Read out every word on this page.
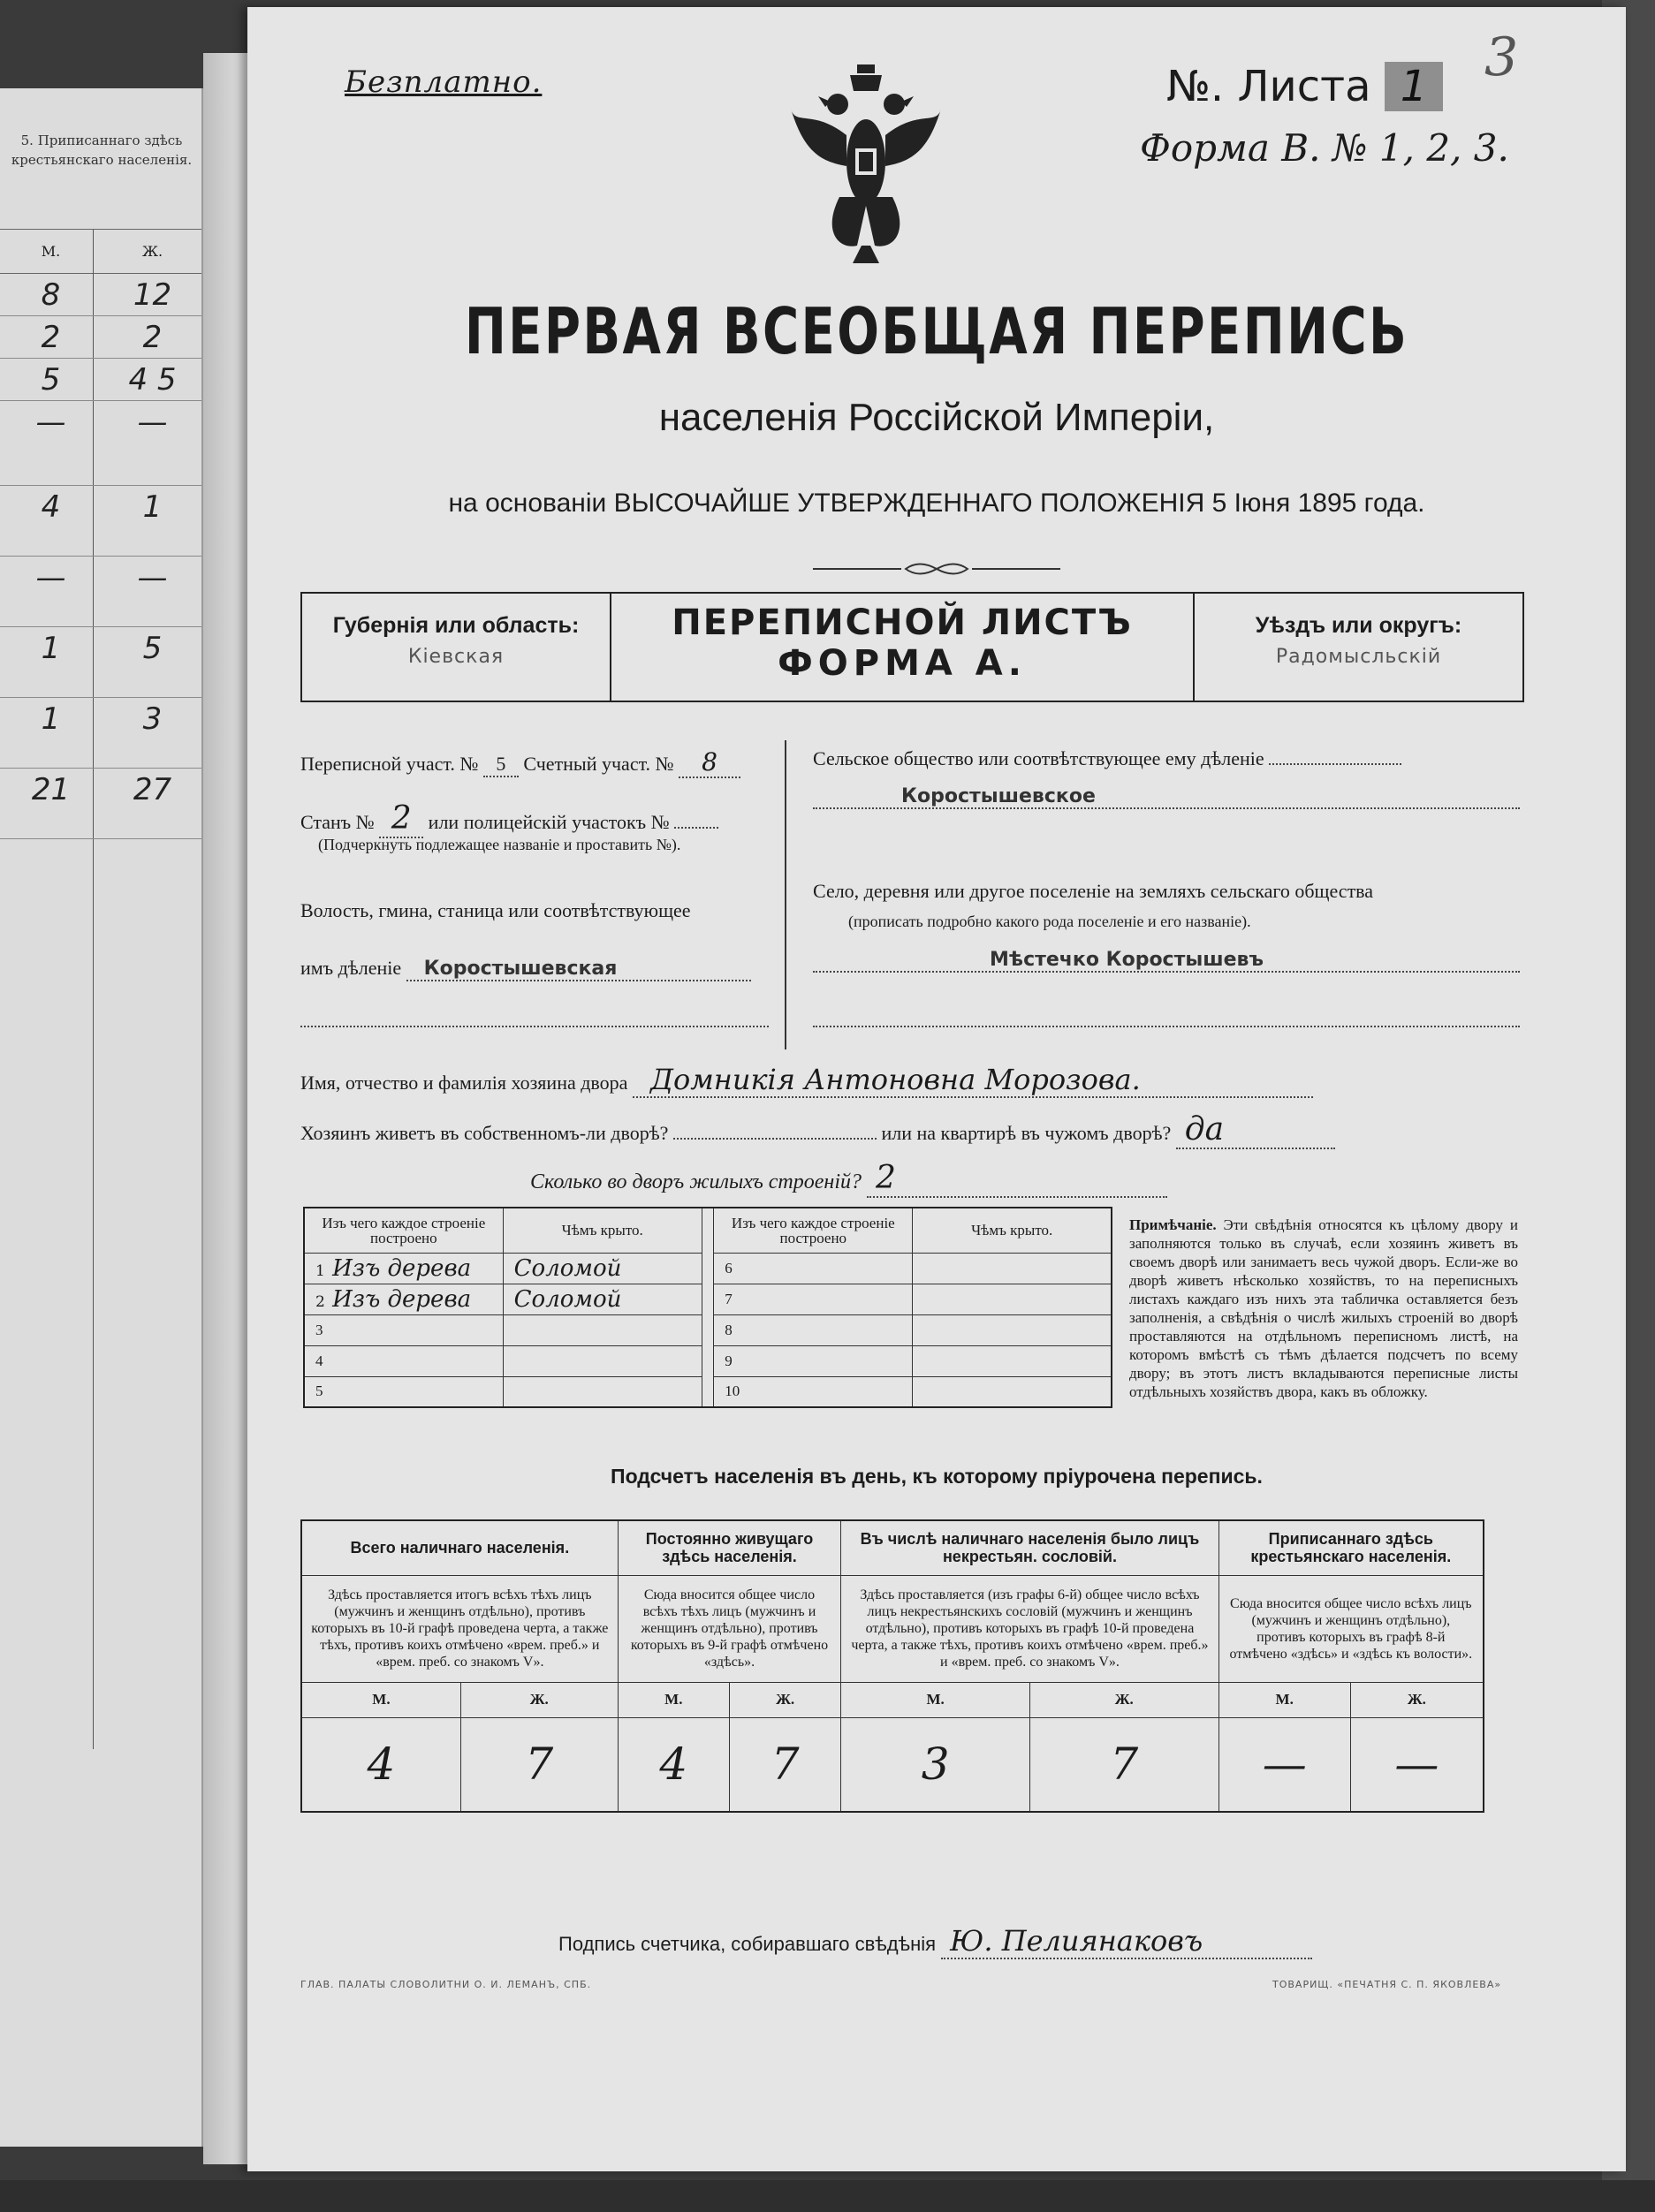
5. Приписаннаго здѣсь крестьянскаго населенія.
М.	Ж.
8	12
2	2
5	4 5
—	—
4	1
—	—
1	5
1	3
21	27
3
Безплатно.	№. Листа 1
Форма В. № 1, 2, 3.
ПЕРВАЯ ВСЕОБЩАЯ ПЕРЕПИСЬ
населенія Россійской Имперіи,
на основаніи ВЫСОЧАЙШЕ УТВЕРЖДЕННАГО ПОЛОЖЕНІЯ 5 Іюня 1895 года.
Губернія или область:
Кіевская
ПЕРЕПИСНОЙ ЛИСТЪ
ФОРМА А.
Уѣздъ или округъ:
Радомысльскій
Переписной участ. № 5 Счетный участ. № 8
Станъ № 2 или полицейскій участокъ №
(Подчеркнуть подлежащее названіе и проставить №).
Волость, гмина, станица или соотвѣтствующее
имъ дѣленіе Коростышевская
Сельское общество или соотвѣтствующее ему дѣленіе
Коростышевское
Село, деревня или другое поселеніе на земляхъ сельскаго общества
(прописать подробно какого рода поселеніе и его названіе).
Мѣстечко Коростышевъ
Имя, отчество и фамилія хозяина двора Домникія Антоновна Морозова.
Хозяинъ живетъ въ собственномъ-ли дворѣ?	или на квартирѣ въ чужомъ дворѣ? да
Сколько во дворъ жилыхъ строеній? 2
Изъ чего каждое строеніе построено	Чѣмъ крыто.		Изъ чего каждое строеніе построено	Чѣмъ крыто.
1 Изъ дерева	Соломой		6	
2 Изъ дерева	Соломой		7	
3			8	
4			9	
5			10	
Примѣчаніе. Эти свѣдѣнія относятся къ цѣлому двору и заполняются только въ случаѣ, если хозяинъ живетъ въ своемъ дворѣ или занимаетъ весь чужой дворъ. Если-же во дворѣ живетъ нѣсколько хозяйствъ, то на переписныхъ листахъ каждаго изъ нихъ эта табличка оставляется безъ заполненія, а свѣдѣнія о числѣ жилыхъ строеній во дворѣ проставляются на отдѣльномъ переписномъ листѣ, на которомъ вмѣстѣ съ тѣмъ дѣлается подсчетъ по всему двору; въ этотъ листъ вкладываются переписные листы отдѣльныхъ хозяйствъ двора, какъ въ обложку.
Подсчетъ населенія въ день, къ которому пріурочена перепись.
Всего наличнаго населенія.		Постоянно живущаго здѣсь населенія.		Въ числѣ наличнаго населенія было лицъ некрестьян. сословій.		Приписаннаго здѣсь крестьянскаго населенія.	
Здѣсь проставляется итогъ всѣхъ тѣхъ лицъ (мужчинъ и женщинъ отдѣльно), противъ которыхъ въ 10-й графѣ проведена черта, а также тѣхъ, противъ коихъ отмѣчено «врем. преб.» и «врем. преб. со знакомъ V».		Сюда вносится общее число всѣхъ тѣхъ лицъ (мужчинъ и женщинъ отдѣльно), противъ которыхъ въ 9-й графѣ отмѣчено «здѣсь».		Здѣсь проставляется (изъ графы 6-й) общее число всѣхъ лицъ некрестьянскихъ сословій (мужчинъ и женщинъ отдѣльно), противъ которыхъ въ графѣ 10-й проведена черта, а также тѣхъ, противъ коихъ отмѣчено «врем. преб.» и «врем. преб. со знакомъ V».		Сюда вносится общее число всѣхъ лицъ (мужчинъ и женщинъ отдѣльно), противъ которыхъ въ графѣ 8-й отмѣчено «здѣсь» и «здѣсь къ волости».	
М.	Ж.	М.	Ж.	М.	Ж.	М.	Ж.
4	7	4	7	3	7	—	—
Подпись счетчика, собиравшаго свѣдѣнія Ю. Пелиянаковъ
ГЛАВ. ПАЛАТЫ СЛОВОЛИТНИ О. И. ЛЕМАНЪ, СПБ.	ТОВАРИЩ. «ПЕЧАТНЯ С. П. ЯКОВЛЕВА»
